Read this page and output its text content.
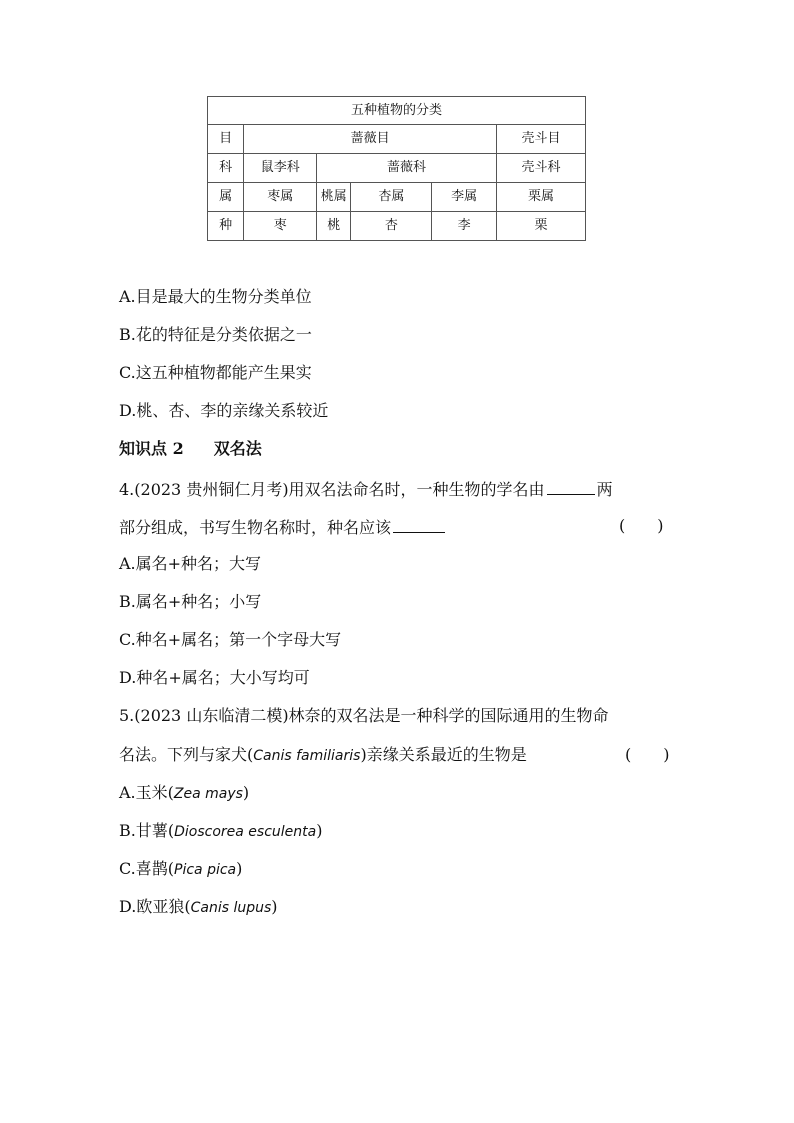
五种植物的分类					
目	蔷薇目				壳斗目
科	鼠李科	蔷薇科			壳斗科
属	枣属	桃属	杏属	李属	栗属
种	枣	桃	杏	李	栗
A.目是最大的生物分类单位
B.花的特征是分类依据之一
C.这五种植物都能产生果实
D.桃、杏、李的亲缘关系较近
知识点 2 双名法
4.(2023 贵州铜仁月考)用双名法命名时，一种生物的学名由	两
部分组成，书写生物名称时，种名应该	(　　)
A.属名+种名；大写
B.属名+种名；小写
C.种名+属名；第一个字母大写
D.种名+属名；大小写均可
5.(2023 山东临清二模)林奈的双名法是一种科学的国际通用的生物命
名法。下列与家犬(Canis familiaris)亲缘关系最近的生物是	(　　)
A.玉米(Zea mays)
B.甘薯(Dioscorea esculenta)
C.喜鹊(Pica pica)
D.欧亚狼(Canis lupus)
